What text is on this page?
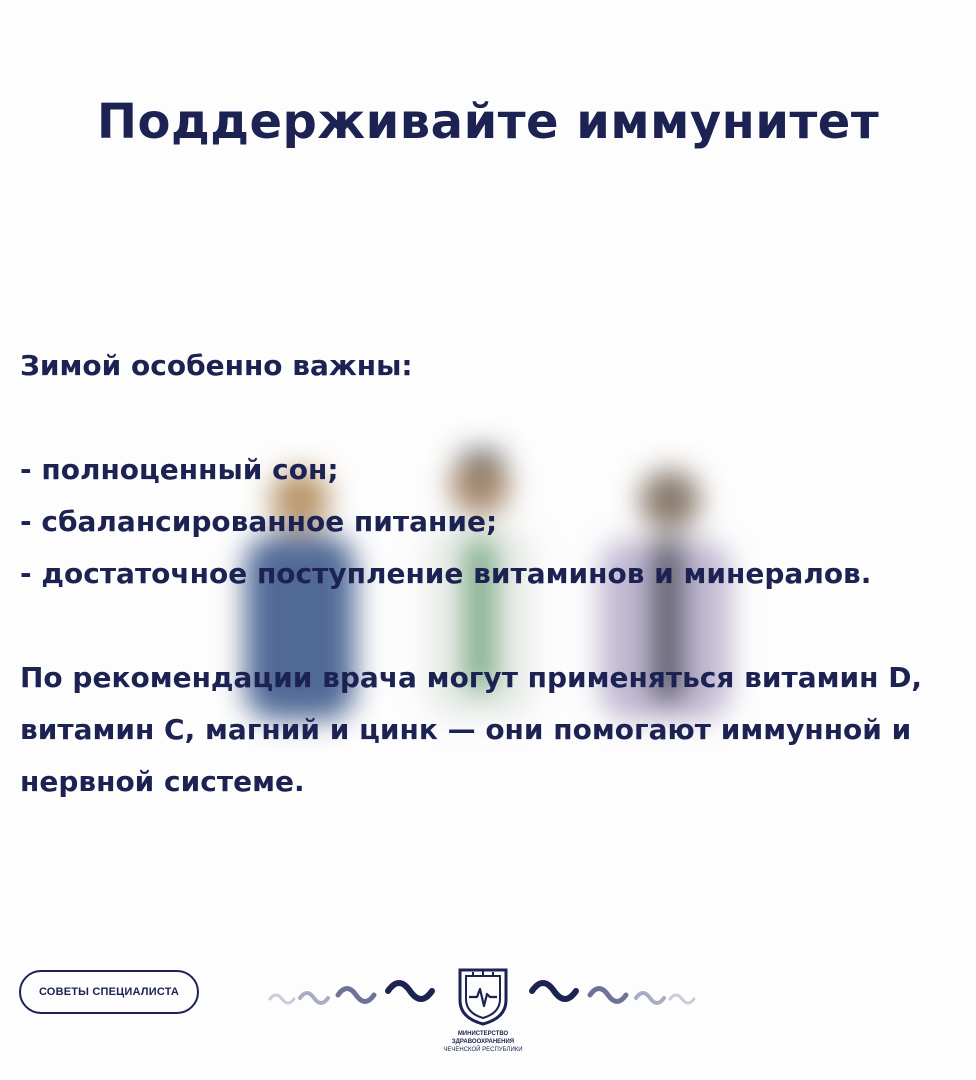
Поддерживайте иммунитет

Зимой особенно важны:

- полноценный сон;

- сбалансированное питание;

- достаточное поступление витаминов и минералов.

По рекомендации врача могут применяться витамин D, витамин C, магний и цинк — они помогают иммунной и нервной системе.

СОВЕТЫ СПЕЦИАЛИСТА
МИНИСТЕРСТВО
ЗДРАВООХРАНЕНИЯ
ЧЕЧЕНСКОЙ РЕСПУБЛИКИ
